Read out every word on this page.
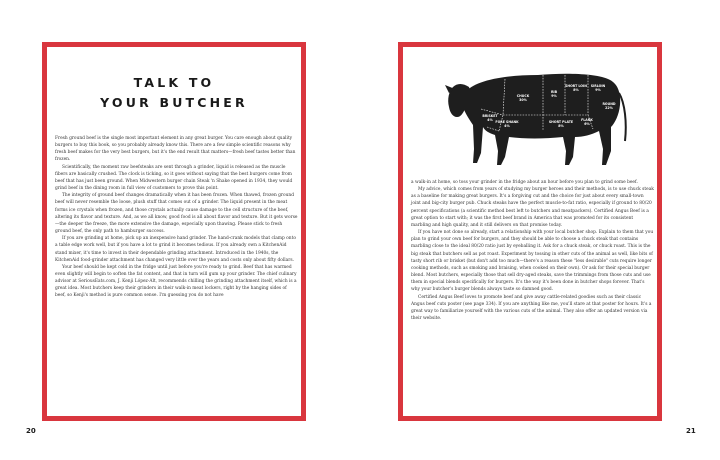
TALK TO
YOUR BUTCHER

Fresh ground beef is the single most important element in any great burger. You care enough about quality burgers to buy this book, so you probably already know this. There are a few simple scientific reasons why fresh beef makes for the very best burgers, but it's the end result that matters—fresh beef tastes better than frozen.

Scientifically, the moment raw beefsteaks are sent through a grinder, liquid is released as the muscle fibers are basically crushed. The clock is ticking, so it goes without saying that the best burgers come from beef that has just been ground. When Midwestern burger chain Steak 'n Shake opened in 1934, they would grind beef in the dining room in full view of customers to prove this point.

The integrity of ground beef changes dramatically when it has been frozen. When thawed, frozen ground beef will never resemble the loose, plush stuff that comes out of a grinder. The liquid present in the meat forms ice crystals when frozen, and those crystals actually cause damage to the cell structure of the beef, altering its flavor and texture. And, as we all know, good food is all about flavor and texture. But it gets worse—the deeper the freeze, the more extensive the damage, especially upon thawing. Please stick to fresh ground beef, the only path to hamburger success.

If you are grinding at home, pick up an inexpensive hand grinder. The hand-crank models that clamp onto a table edge work well, but if you have a lot to grind it becomes tedious. If you already own a KitchenAid stand mixer, it's time to invest in their dependable grinding attachment. Introduced in the 1940s, the KitchenAid food-grinder attachment has changed very little over the years and costs only about fifty dollars.

Your beef should be kept cold in the fridge until just before you're ready to grind. Beef that has warmed even slightly will begin to soften the fat content, and that in turn will gum up your grinder. The chief culinary advisor at SeriousEats.com, J. Kenji López-Alt, recommends chilling the grinding attachment itself, which is a great idea. Most butchers keep their grinders in their walk-in meat lockers, right by the hanging sides of beef, so Kenji's method is pure common sense. I'm guessing you do not have

CHUCK
30%
RIB
9%
SHORT LOIN
8%
SIRLOIN
9%
ROUND
22%
BRISKET
4% FORE SHANK
4%
SHORT PLATE
8%
FLANK
6%

a walk-in at home, so toss your grinder in the fridge about an hour before you plan to grind some beef.

My advice, which comes from years of studying my burger heroes and their methods, is to use chuck steak as a baseline for making great burgers. It's a forgiving cut and the choice for just about every small-town joint and big-city burger pub. Chuck steaks have the perfect muscle-to-fat ratio, especially if ground to 80/20 percent specifications (a scientific method best left to butchers and meatpackers). Certified Angus Beef is a great option to start with; it was the first beef brand in America that was promoted for its consistent marbling and high quality, and it still delivers on that promise today.

If you have not done so already, start a relationship with your local butcher shop. Explain to them that you plan to grind your own beef for burgers, and they should be able to choose a chuck steak that contains marbling close to the ideal 80/20 ratio just by eyeballing it. Ask for a chuck steak, or chuck roast. This is the big steak that butchers sell as pot roast. Experiment by tossing in other cuts of the animal as well, like bits of tasty short rib or brisket (but don't add too much—there's a reason these "less desirable" cuts require longer cooking methods, such as smoking and braising, when cooked on their own). Or ask for their special burger blend. Most butchers, especially those that sell dry-aged steaks, save the trimmings from those cuts and use them in special blends specifically for burgers. It's the way it's been done in butcher shops forever. That's why your butcher's burger blends always taste so damned good.

Certified Angus Beef loves to promote beef and give away cattle-related goodies such as their classic Angus beef cuts poster (see page 334). If you are anything like me, you'll stare at that poster for hours. It's a great way to familiarize yourself with the various cuts of the animal. They also offer an updated version via their website.

20	21
